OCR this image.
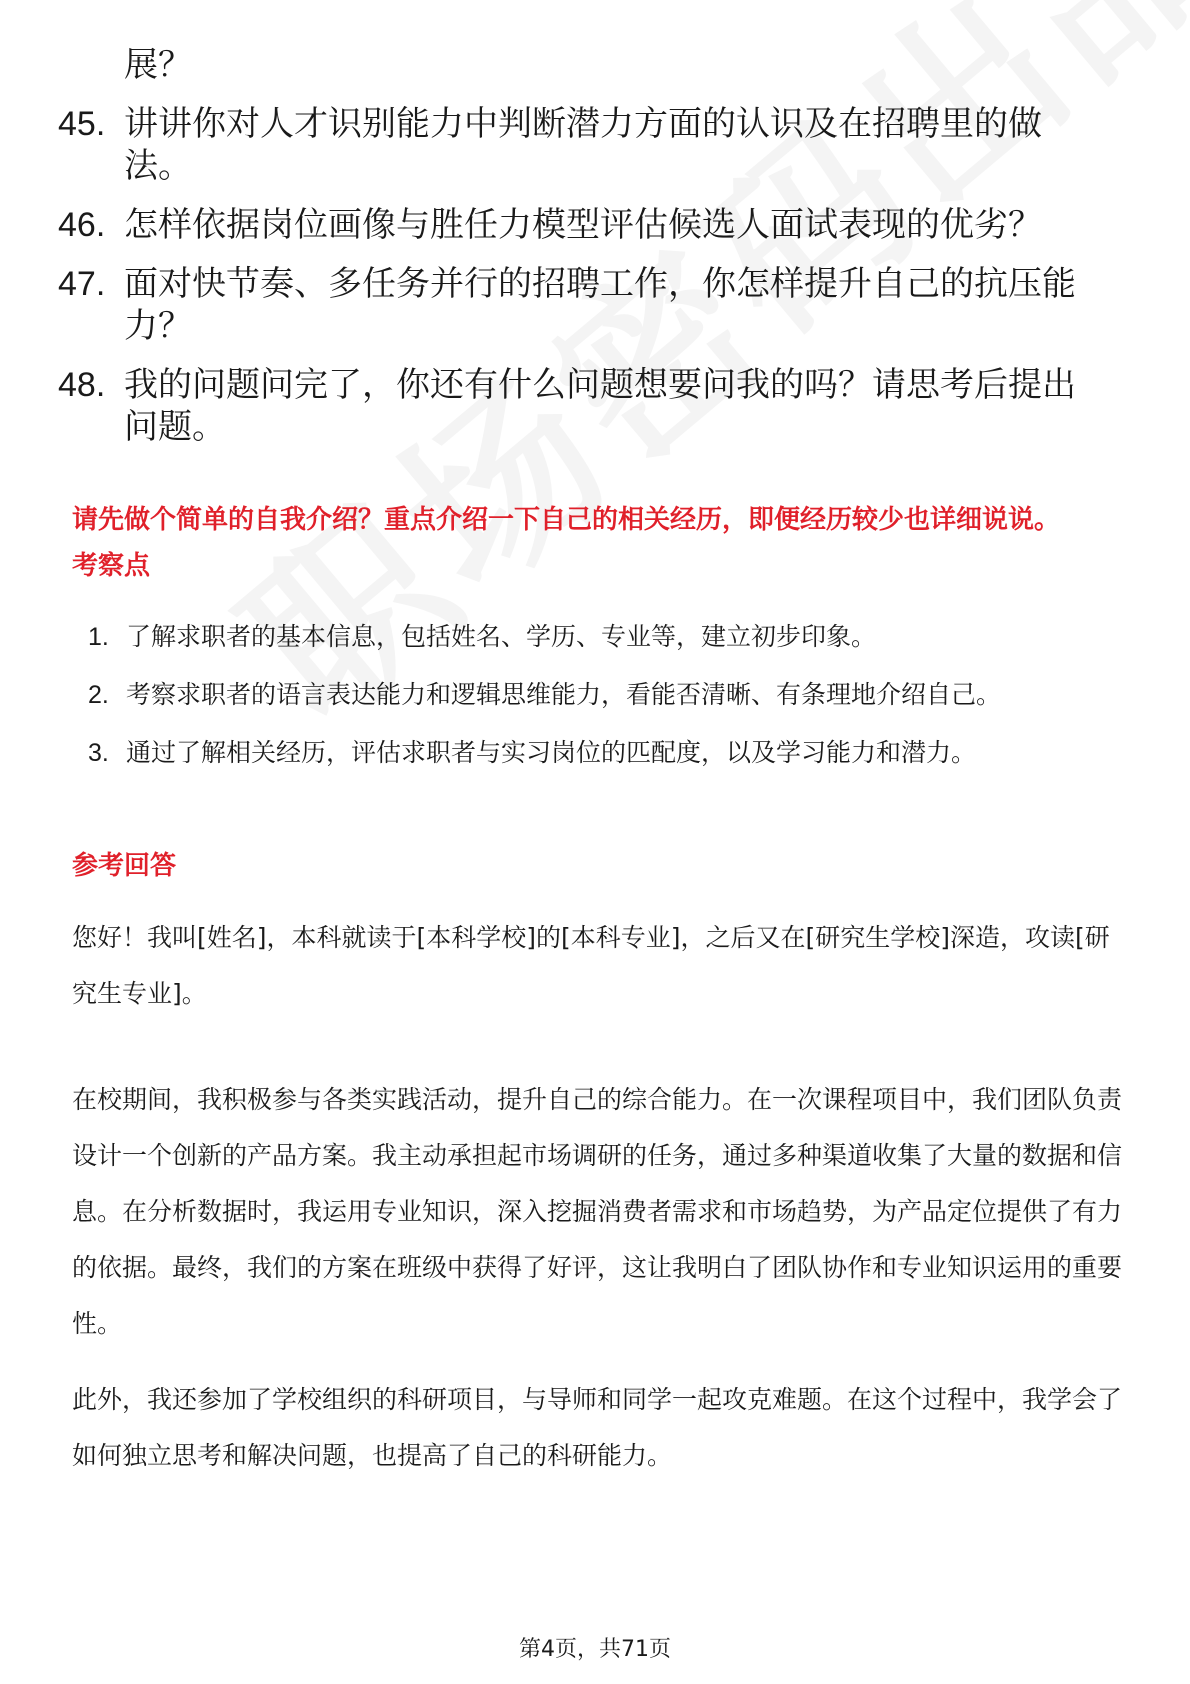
展？
45. 讲讲你对人才识别能力中判断潜力方面的认识及在招聘里的做法。
46. 怎样依据岗位画像与胜任力模型评估候选人面试表现的优劣？
47. 面对快节奏、多任务并行的招聘工作，你怎样提升自己的抗压能力？
48. 我的问题问完了，你还有什么问题想要问我的吗？请思考后提出问题。
请先做个简单的自我介绍？重点介绍一下自己的相关经历，即便经历较少也详细说说。
考察点
1. 了解求职者的基本信息，包括姓名、学历、专业等，建立初步印象。
2. 考察求职者的语言表达能力和逻辑思维能力，看能否清晰、有条理地介绍自己。
3. 通过了解相关经历，评估求职者与实习岗位的匹配度，以及学习能力和潜力。
参考回答
您好！我叫[姓名]，本科就读于[本科学校]的[本科专业]，之后又在[研究生学校]深造，攻读[研究生专业]。
在校期间，我积极参与各类实践活动，提升自己的综合能力。在一次课程项目中，我们团队负责设计一个创新的产品方案。我主动承担起市场调研的任务，通过多种渠道收集了大量的数据和信息。在分析数据时，我运用专业知识，深入挖掘消费者需求和市场趋势，为产品定位提供了有力的依据。最终，我们的方案在班级中获得了好评，这让我明白了团队协作和专业知识运用的重要性。
此外，我还参加了学校组织的科研项目，与导师和同学一起攻克难题。在这个过程中，我学会了如何独立思考和解决问题，也提高了自己的科研能力。
第4页，共71页
